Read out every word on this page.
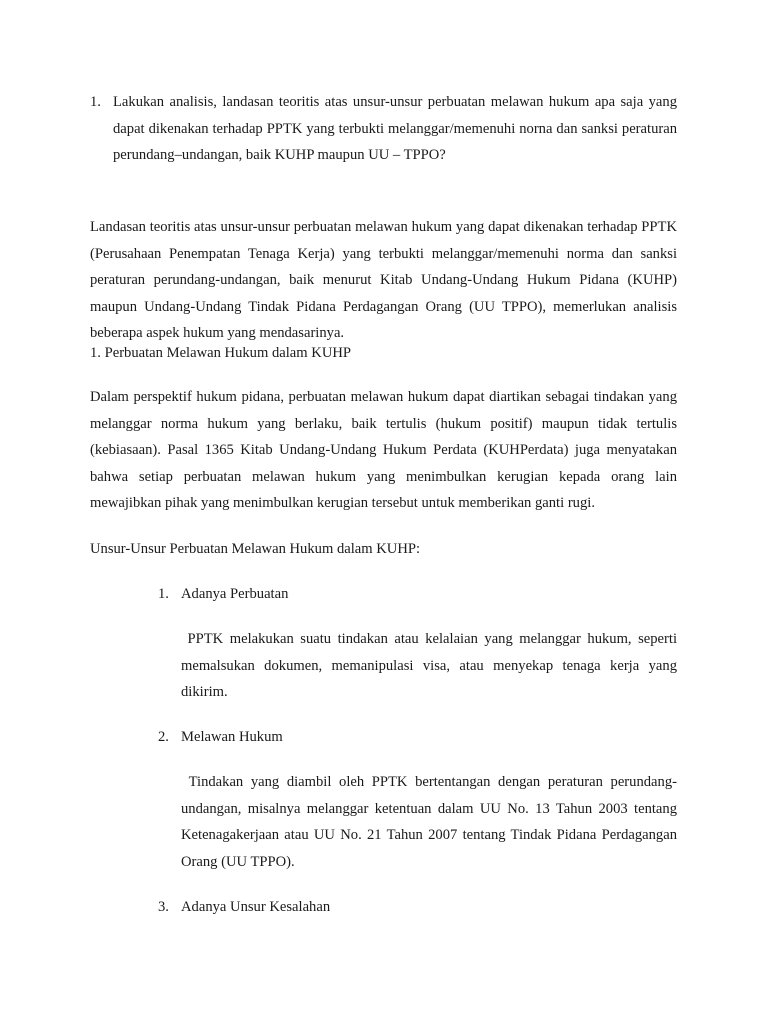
1. Lakukan analisis, landasan teoritis atas unsur-unsur perbuatan melawan hukum apa saja yang dapat dikenakan terhadap PPTK yang terbukti melanggar/memenuhi norna dan sanksi peraturan perundang–undangan, baik KUHP maupun UU – TPPO?

Landasan teoritis atas unsur-unsur perbuatan melawan hukum yang dapat dikenakan terhadap PPTK (Perusahaan Penempatan Tenaga Kerja) yang terbukti melanggar/memenuhi norma dan sanksi peraturan perundang-undangan, baik menurut Kitab Undang-Undang Hukum Pidana (KUHP) maupun Undang-Undang Tindak Pidana Perdagangan Orang (UU TPPO), memerlukan analisis beberapa aspek hukum yang mendasarinya.

1. Perbuatan Melawan Hukum dalam KUHP

Dalam perspektif hukum pidana, perbuatan melawan hukum dapat diartikan sebagai tindakan yang melanggar norma hukum yang berlaku, baik tertulis (hukum positif) maupun tidak tertulis (kebiasaan). Pasal 1365 Kitab Undang-Undang Hukum Perdata (KUHPerdata) juga menyatakan bahwa setiap perbuatan melawan hukum yang menimbulkan kerugian kepada orang lain mewajibkan pihak yang menimbulkan kerugian tersebut untuk memberikan ganti rugi.

Unsur-Unsur Perbuatan Melawan Hukum dalam KUHP:

1. Adanya Perbuatan

PPTK melakukan suatu tindakan atau kelalaian yang melanggar hukum, seperti memalsukan dokumen, memanipulasi visa, atau menyekap tenaga kerja yang dikirim.

2. Melawan Hukum

Tindakan yang diambil oleh PPTK bertentangan dengan peraturan perundang-undangan, misalnya melanggar ketentuan dalam UU No. 13 Tahun 2003 tentang Ketenagakerjaan atau UU No. 21 Tahun 2007 tentang Tindak Pidana Perdagangan Orang (UU TPPO).

3. Adanya Unsur Kesalahan
